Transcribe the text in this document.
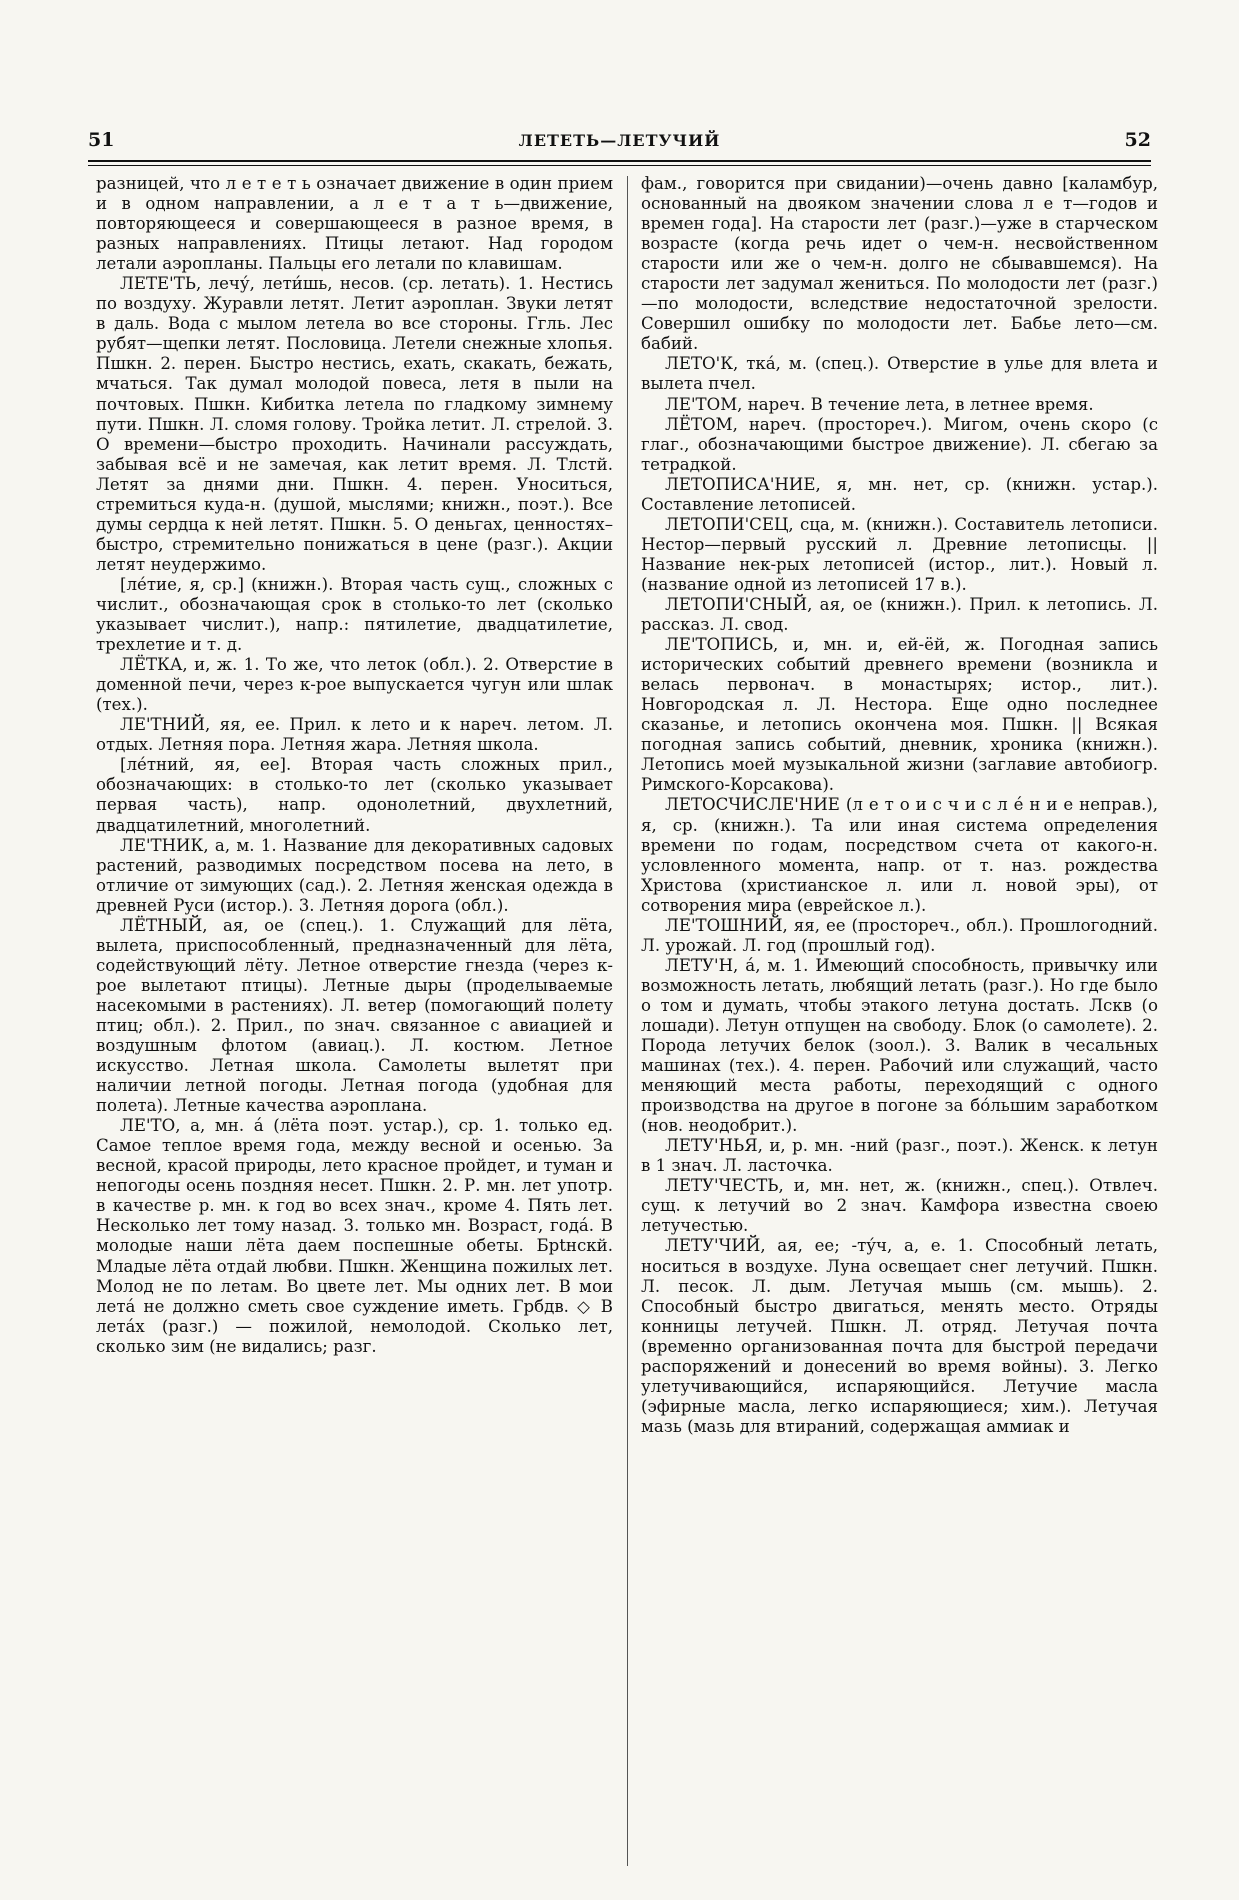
51	ЛЕТЕТЬ—ЛЕТУЧИЙ	52

разницей, что л е т е т ь означает движение в один прием и в одном направлении, а л е т а т ь—движение, повторяющееся и совершающееся в разное время, в разных направлениях. Птицы летают. Над городом летали аэропланы. Пальцы его летали по клавишам.

ЛЕТЕ'ТЬ, лечу́, лети́шь, несов. (ср. летать). 1. Нестись по воздуху. Журавли летят. Летит аэроплан. Звуки летят в даль. Вода с мылом летела во все стороны. Ггль. Лес рубят—щепки летят. Пословица. Летели снежные хлопья. Пшкн. 2. перен. Быстро нестись, ехать, скакать, бежать, мчаться. Так думал молодой повеса, летя в пыли на почтовых. Пшкн. Кибитка летела по гладкому зимнему пути. Пшкн. Л. сломя голову. Тройка летит. Л. стрелой. 3. О времени—быстро проходить. Начинали рассуждать, забывая всё и не замечая, как летит время. Л. Тлстй. Летят за днями дни. Пшкн. 4. перен. Уноситься, стремиться куда-н. (душой, мыслями; книжн., поэт.). Все думы сердца к ней летят. Пшкн. 5. О деньгах, ценностях– быстро, стремительно понижаться в цене (разг.). Акции летят неудержимо.

[ле́тие, я, ср.] (книжн.). Вторая часть сущ., сложных с числит., обозначающая срок в столько-то лет (сколько указывает числит.), напр.: пятилетие, двадцатилетие, трехлетие и т. д.

ЛЁТКА, и, ж. 1. То же, что леток (обл.). 2. Отверстие в доменной печи, через к-рое выпускается чугун или шлак (тех.).

ЛЕ'ТНИЙ, яя, ее. Прил. к лето и к нареч. летом. Л. отдых. Летняя пора. Летняя жара. Летняя школа.

[ле́тний, яя, ее]. Вторая часть сложных прил., обозначающих: в столько-то лет (сколько указывает первая часть), напр. одонолетний, двухлетний, двадцатилетний, многолетний.

ЛЕ'ТНИК, а, м. 1. Название для декоративных садовых растений, разводимых посредством посева на лето, в отличие от зимующих (сад.). 2. Летняя женская одежда в древней Руси (истор.). 3. Летняя дорога (обл.).

ЛЁТНЫЙ, ая, ое (спец.). 1. Служащий для лёта, вылета, приспособленный, предназначенный для лёта, содействующий лёту. Летное отверстие гнезда (через к-рое вылетают птицы). Летные дыры (проделываемые насекомыми в растениях). Л. ветер (помогающий полету птиц; обл.). 2. Прил., по знач. связанное с авиацией и воздушным флотом (авиац.). Л. костюм. Летное искусство. Летная школа. Самолеты вылетят при наличии летной погоды. Летная погода (удобная для полета). Летные качества аэроплана.

ЛЕ'ТО, а, мн. á (лёта поэт. устар.), ср. 1. только ед. Самое теплое время года, между весной и осенью. За весной, красой природы, лето красное пройдет, и туман и непогоды осень поздняя несет. Пшкн. 2. Р. мн. лет употр. в качестве р. мн. к год во всех знач., кроме 4. Пять лет. Несколько лет тому назад. 3. только мн. Возраст, годá. В молодые наши лёта даем поспешные обеты. Брtнскй. Младые лёта отдай любви. Пшкн. Женщина пожилых лет. Молод не по летам. Во цвете лет. Мы одних лет. В мои летá не должно сметь свое суждение иметь. Грбдв. ◇ В летáх (разг.) — пожилой, немолодой. Сколько лет, сколько зим (не видались; разг.

фам., говорится при свидании)—очень давно [каламбур, основанный на двояком значении слова л е т—годов и времен года]. На старости лет (разг.)—уже в старческом возрасте (когда речь идет о чем-н. несвойственном старости или же о чем-н. долго не сбывавшемся). На старости лет задумал жениться. По молодости лет (разг.)—по молодости, вследствие недостаточной зрелости. Совершил ошибку по молодости лет. Бабье лето—см. бабий.

ЛЕТО'К, тка́, м. (спец.). Отверстие в улье для влета и вылета пчел.

ЛЕ'ТОМ, нареч. В течение лета, в летнее время.

ЛЁТОМ, нареч. (простореч.). Мигом, очень скоро (с глаг., обозначающими быстрое движение). Л. сбегаю за тетрадкой.

ЛЕТОПИСА'НИЕ, я, мн. нет, ср. (книжн. устар.). Составление летописей.

ЛЕТОПИ'СЕЦ, сца, м. (книжн.). Составитель летописи. Нестор—первый русский л. Древние летописцы. || Название нек-рых летописей (истор., лит.). Новый л. (название одной из летописей 17 в.).

ЛЕТОПИ'СНЫЙ, ая, ое (книжн.). Прил. к летопись. Л. рассказ. Л. свод.

ЛЕ'ТОПИСЬ, и, мн. и, ей-ёй, ж. Погодная запись исторических событий древнего времени (возникла и велась первонач. в монастырях; истор., лит.). Новгородская л. Л. Нестора. Еще одно последнее сказанье, и летопись окончена моя. Пшкн. || Всякая погодная запись событий, дневник, хроника (книжн.). Летопись моей музыкальной жизни (заглавие автобиогр. Римского-Корсакова).

ЛЕТОСЧИСЛЕ'НИЕ (л е т о и с ч и с л é н и е неправ.), я, ср. (книжн.). Та или иная система определения времени по годам, посредством счета от какого-н. условленного момента, напр. от т. наз. рождества Христова (христианское л. или л. новой эры), от сотворения мира (еврейское л.).

ЛЕ'ТОШНИЙ, яя, ее (простореч., обл.). Прошлогодний. Л. урожай. Л. год (прошлый год).

ЛЕТУ'Н, á, м. 1. Имеющий способность, привычку или возможность летать, любящий летать (разг.). Но где было о том и думать, чтобы этакого летуна достать. Лскв (о лошади). Летун отпущен на свободу. Блок (о самолете). 2. Порода летучих белок (зоол.). 3. Валик в чесальных машинах (тех.). 4. перен. Рабочий или служащий, часто меняющий места работы, переходящий с одного производства на другое в погоне за бо́льшим заработком (нов. неодобрит.).

ЛЕТУ'НЬЯ, и, р. мн. -ний (разг., поэт.). Женск. к летун в 1 знач. Л. ласточка.

ЛЕТУ'ЧЕСТЬ, и, мн. нет, ж. (книжн., спец.). Отвлеч. сущ. к летучий во 2 знач. Камфора известна своею летучестью.

ЛЕТУ'ЧИЙ, ая, ее; -ту́ч, а, е. 1. Способный летать, носиться в воздухе. Луна освещает снег летучий. Пшкн. Л. песок. Л. дым. Летучая мышь (см. мышь). 2. Способный быстро двигаться, менять место. Отряды конницы летучей. Пшкн. Л. отряд. Летучая почта (временно организованная почта для быстрой передачи распоряжений и донесений во время войны). 3. Легко улетучивающийся, испаряющийся. Летучие масла (эфирные масла, легко испаряющиеся; хим.). Летучая мазь (мазь для втираний, содержащая аммиак и
